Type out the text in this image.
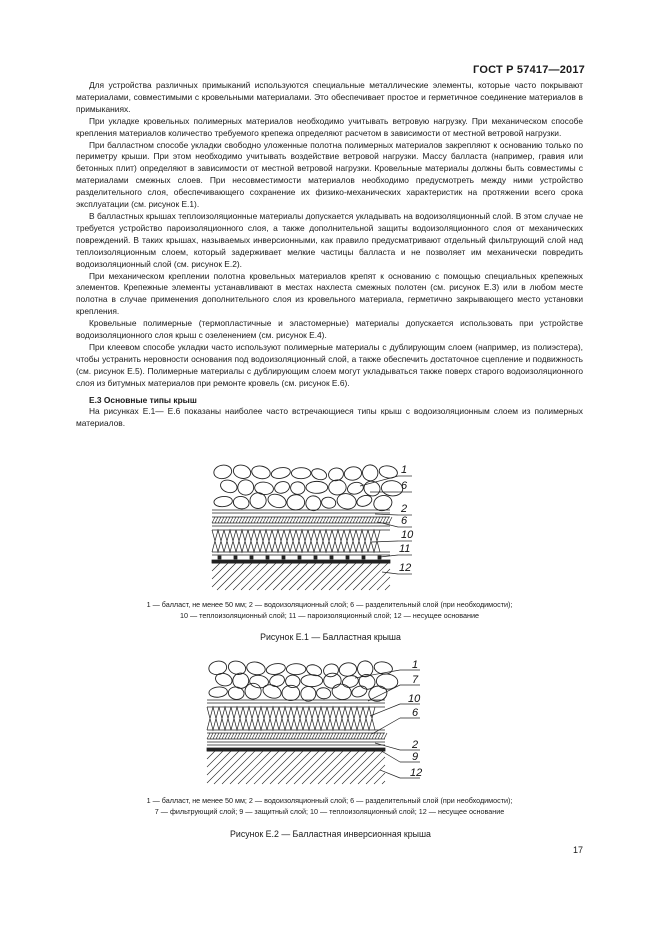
ГОСТ Р 57417—2017

Для устройства различных примыканий используются специальные металлические элементы, которые часто покрывают материалами, совместимыми с кровельными материалами. Это обеспечивает простое и герметичное соединение материалов в примыканиях.

При укладке кровельных полимерных материалов необходимо учитывать ветровую нагрузку. При механическом способе крепления материалов количество требуемого крепежа определяют расчетом в зависимости от местной ветровой нагрузки.

При балластном способе укладки свободно уложенные полотна полимерных материалов закрепляют к основанию только по периметру крыши. При этом необходимо учитывать воздействие ветровой нагрузки. Массу балласта (например, гравия или бетонных плит) определяют в зависимости от местной ветровой нагрузки. Кровельные материалы должны быть совместимы с материалами смежных слоев. При несовместимости материалов необходимо предусмотреть между ними устройство разделительного слоя, обеспечивающего сохранение их физико-механических характеристик на протяжении всего срока эксплуатации (см. рисунок Е.1).

В балластных крышах теплоизоляционные материалы допускается укладывать на водоизоляционный слой. В этом случае не требуется устройство пароизоляционного слоя, а также дополнительной защиты водоизоляционного слоя от механических повреждений. В таких крышах, называемых инверсионными, как правило предусматривают отдельный фильтрующий слой над теплоизоляционным слоем, который задерживает мелкие частицы балласта и не позволяет им механически повредить водоизоляционный слой (см. рисунок Е.2).

При механическом креплении полотна кровельных материалов крепят к основанию с помощью специальных крепежных элементов. Крепежные элементы устанавливают в местах нахлеста смежных полотен (см. рисунок Е.3) или в любом месте полотна в случае применения дополнительного слоя из кровельного материала, герметично закрывающего место установки крепления.

Кровельные полимерные (термопластичные и эластомерные) материалы допускается использовать при устройстве водоизоляционного слоя крыш с озеленением (см. рисунок Е.4).

При клеевом способе укладки часто используют полимерные материалы с дублирующим слоем (например, из полиэстера), чтобы устранить неровности основания под водоизоляционный слой, а также обеспечить достаточное сцепление и подвижность (см. рисунок Е.5). Полимерные материалы с дублирующим слоем могут укладываться также поверх старого водоизоляционного слоя из битумных материалов при ремонте кровель (см. рисунок Е.6).

Е.3 Основные типы крыш

На рисунках Е.1— Е.6 показаны наиболее часто встречающиеся типы крыш с водоизоляционным слоем из полимерных материалов.

1
6
2
6
10
11
12
1 — балласт, не менее 50 мм; 2 — водоизоляционный слой; 6 — разделительный слой (при необходимости);
10 — теплоизоляционный слой; 11 — пароизоляционный слой; 12 — несущее основание
Рисунок Е.1 — Балластная крыша
1
7
10
6
2
9
12
1 — балласт, не менее 50 мм; 2 — водоизоляционный слой; 6 — разделительный слой (при необходимости);
7 — фильтрующий слой; 9 — защитный слой; 10 — теплоизоляционный слой; 12 — несущее основание
Рисунок Е.2 — Балластная инверсионная крыша
17
